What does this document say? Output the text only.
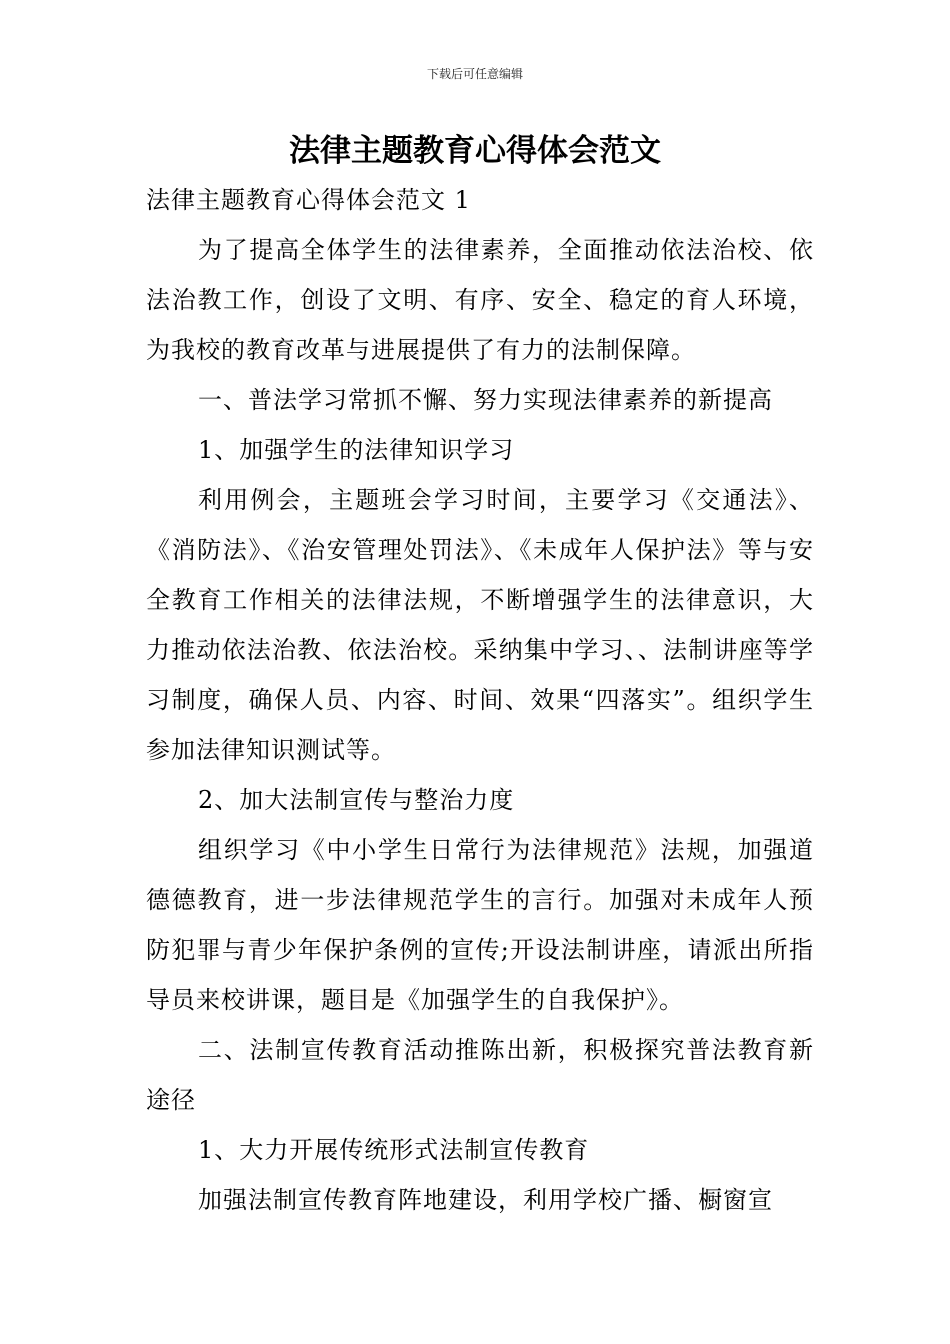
下载后可任意编辑
法律主题教育心得体会范文

法律主题教育心得体会范文 1

为了提高全体学生的法律素养，全面推动依法治校、依法治教工作，创设了文明、有序、安全、稳定的育人环境，为我校的教育改革与进展提供了有力的法制保障。

一、普法学习常抓不懈、努力实现法律素养的新提高

1、加强学生的法律知识学习

利用例会，主题班会学习时间，主要学习《交通法》、《消防法》、《治安管理处罚法》、《未成年人保护法》等与安全教育工作相关的法律法规，不断增强学生的法律意识，大力推动依法治教、依法治校。采纳集中学习、、法制讲座等学习制度，确保人员、内容、时间、效果“四落实”。组织学生参加法律知识测试等。

2、加大法制宣传与整治力度

组织学习《中小学生日常行为法律规范》法规，加强道德德教育，进一步法律规范学生的言行。加强对未成年人预防犯罪与青少年保护条例的宣传;开设法制讲座，请派出所指导员来校讲课，题目是《加强学生的自我保护》。

二、法制宣传教育活动推陈出新，积极探究普法教育新途径

1、大力开展传统形式法制宣传教育

加强法制宣传教育阵地建设，利用学校广播、橱窗宣
